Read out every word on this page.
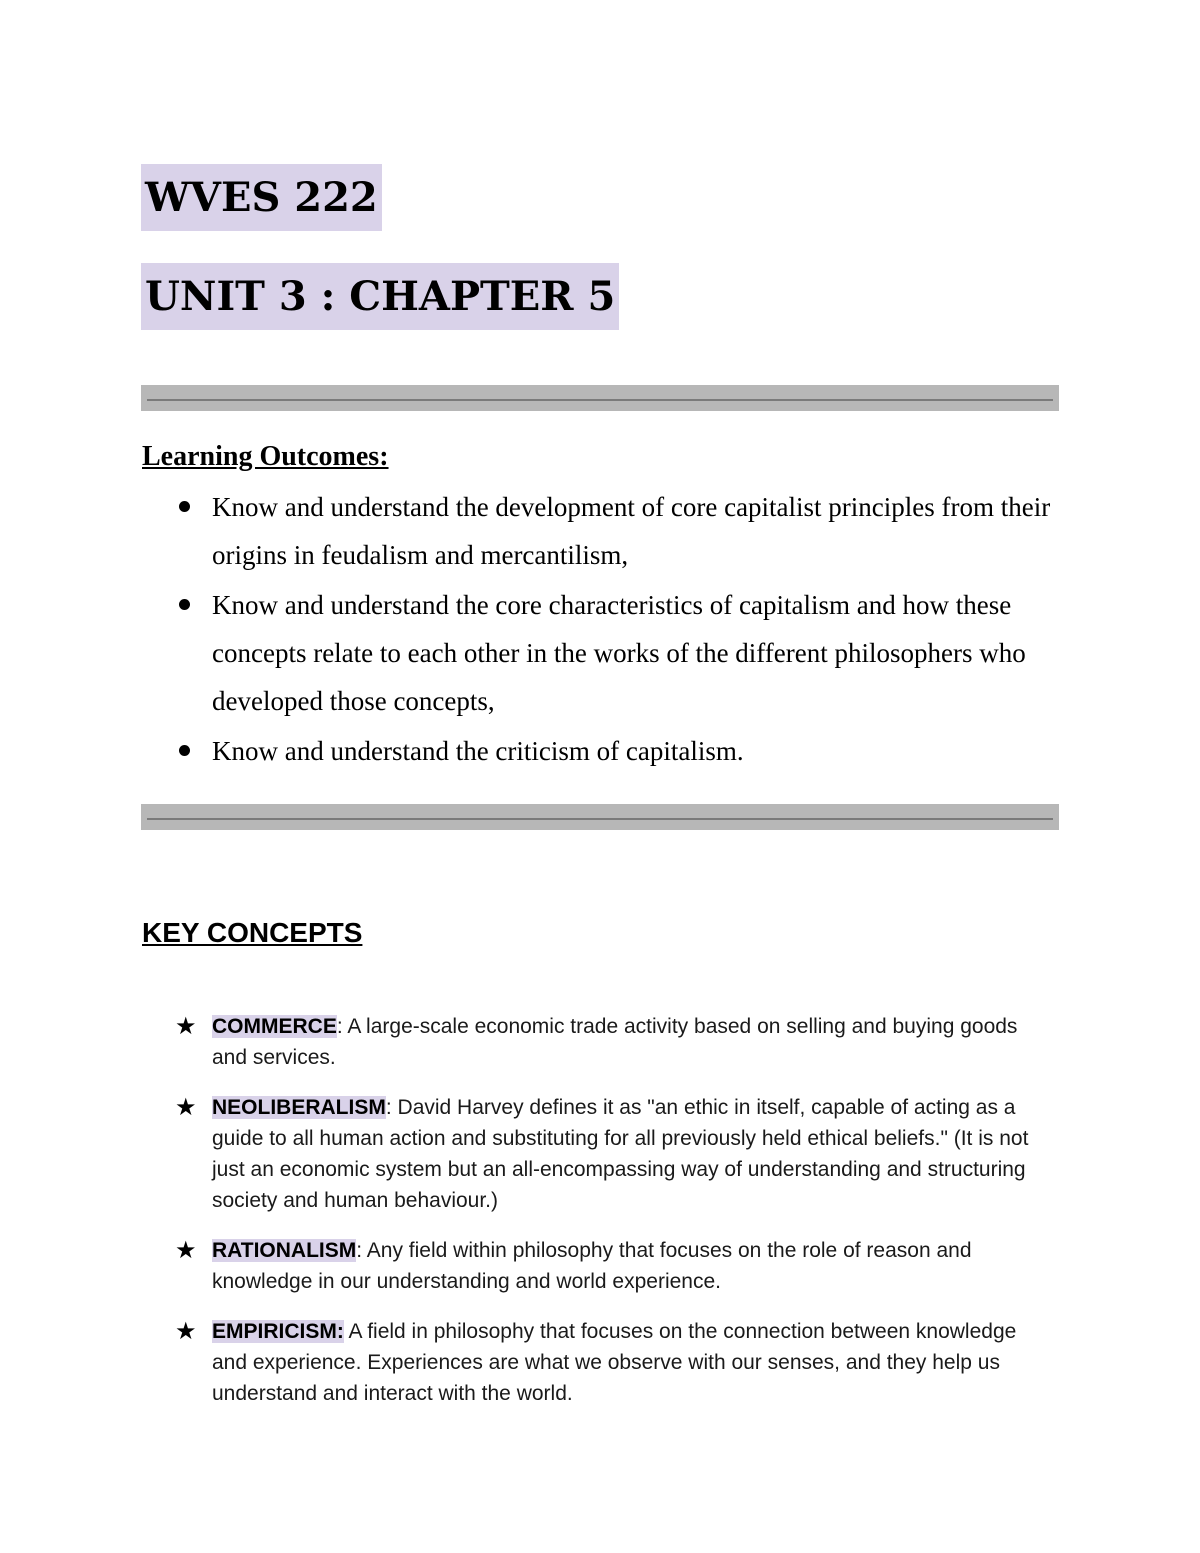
WVES 222
UNIT 3 : CHAPTER 5
Learning Outcomes:
Know and understand the development of core capitalist principles from their origins in feudalism and mercantilism,
Know and understand the core characteristics of capitalism and how these concepts relate to each other in the works of the different philosophers who developed those concepts,
Know and understand the criticism of capitalism.
KEY CONCEPTS
★ COMMERCE: A large-scale economic trade activity based on selling and buying goods and services.
★ NEOLIBERALISM: David Harvey defines it as "an ethic in itself, capable of acting as a guide to all human action and substituting for all previously held ethical beliefs." (It is not just an economic system but an all-encompassing way of understanding and structuring society and human behaviour.)
★ RATIONALISM: Any field within philosophy that focuses on the role of reason and knowledge in our understanding and world experience.
★ EMPIRICISM: A field in philosophy that focuses on the connection between knowledge and experience. Experiences are what we observe with our senses, and they help us understand and interact with the world.
